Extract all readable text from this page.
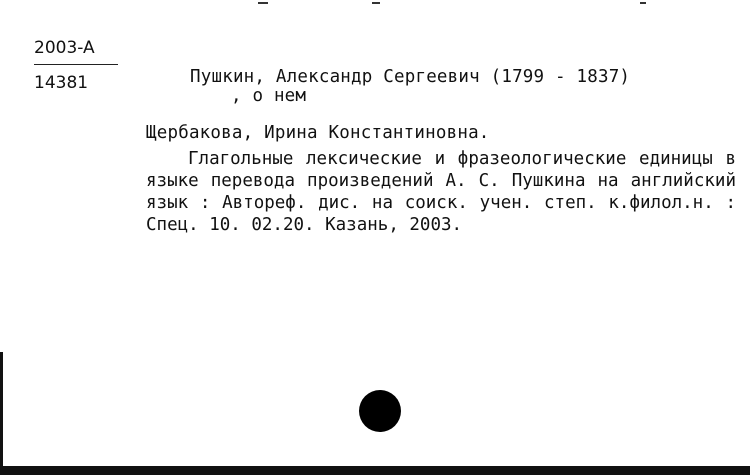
2003-A
14381	Пушкин, Александр Сергеевич (1799 - 1837)
, о нем
Щербакова, Ирина Константиновна.
Глагольные лексические и фразеологические единицы в языке перевода произведений А. С. Пушкина на английский язык : Автореф. дис. на соиск. учен. степ. к.филол.н. : Спец. 10. 02.20. Казань, 2003.
